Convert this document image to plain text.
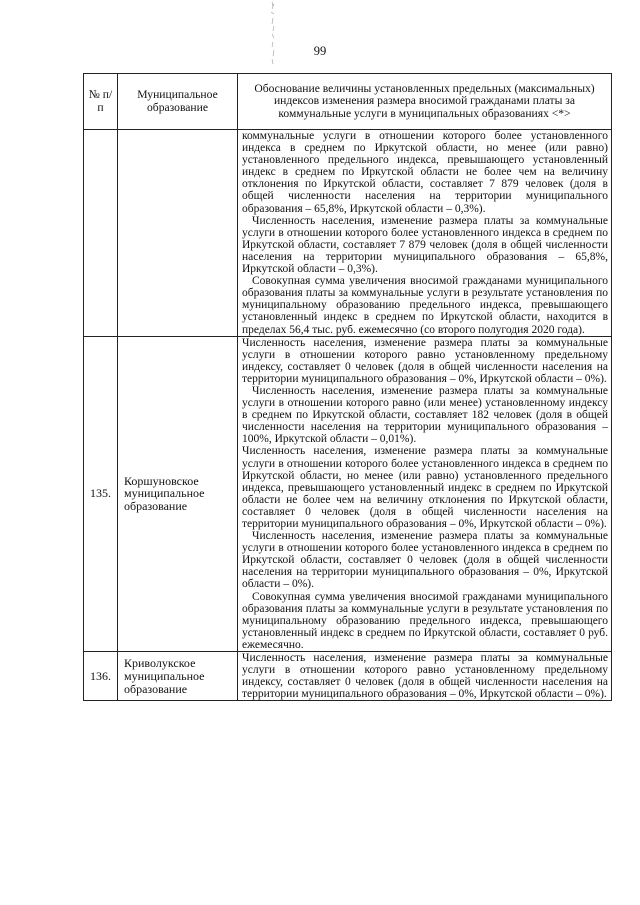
99
№ п/п	Муниципальное образование	Обоснование величины установленных предельных (максимальных) индексов изменения размера вносимой гражданами платы за коммунальные услуги в муниципальных образованиях <*>

		коммунальные услуги в отношении которого более установленного индекса в среднем по Иркутской области, но менее (или равно) установленного предельного индекса, превышающего установленный индекс в среднем по Иркутской области не более чем на величину отклонения по Иркутской области, составляет 7 879 человек (доля в общей численности населения на территории муниципального образования – 65,8%, Иркутской области – 0,3%).

Численность населения, изменение размера платы за коммунальные услуги в отношении которого более установленного индекса в среднем по Иркутской области, составляет 7 879 человек (доля в общей численности населения на территории муниципального образования – 65,8%, Иркутской области – 0,3%).

Совокупная сумма увеличения вносимой гражданами муниципального образования платы за коммунальные услуги в результате установления по муниципальному образованию предельного индекса, превышающего установленный индекс в среднем по Иркутской области, находится в пределах 56,4 тыс. руб. ежемесячно (со второго полугодия 2020 года).

135.	Коршуновское муниципальное образование	Численность населения, изменение размера платы за коммунальные услуги в отношении которого равно установленному предельному индексу, составляет 0 человек (доля в общей численности населения на территории муниципального образования – 0%, Иркутской области – 0%).

Численность населения, изменение размера платы за коммунальные услуги в отношении которого равно (или менее) установленному индексу в среднем по Иркутской области, составляет 182 человек (доля в общей численности населения на территории муниципального образования – 100%, Иркутской области – 0,01%).

Численность населения, изменение размера платы за коммунальные услуги в отношении которого более установленного индекса в среднем по Иркутской области, но менее (или равно) установленного предельного индекса, превышающего установленный индекс в среднем по Иркутской области не более чем на величину отклонения по Иркутской области, составляет 0 человек (доля в общей численности населения на территории муниципального образования – 0%, Иркутской области – 0%).

Численность населения, изменение размера платы за коммунальные услуги в отношении которого более установленного индекса в среднем по Иркутской области, составляет 0 человек (доля в общей численности населения на территории муниципального образования – 0%, Иркутской области – 0%).

Совокупная сумма увеличения вносимой гражданами муниципального образования платы за коммунальные услуги в результате установления по муниципальному образованию предельного индекса, превышающего установленный индекс в среднем по Иркутской области, составляет 0 руб. ежемесячно.

136.	Криволукское муниципальное образование	Численность населения, изменение размера платы за коммунальные услуги в отношении которого равно установленному предельному индексу, составляет 0 человек (доля в общей численности населения на территории муниципального образования – 0%, Иркутской области – 0%).
